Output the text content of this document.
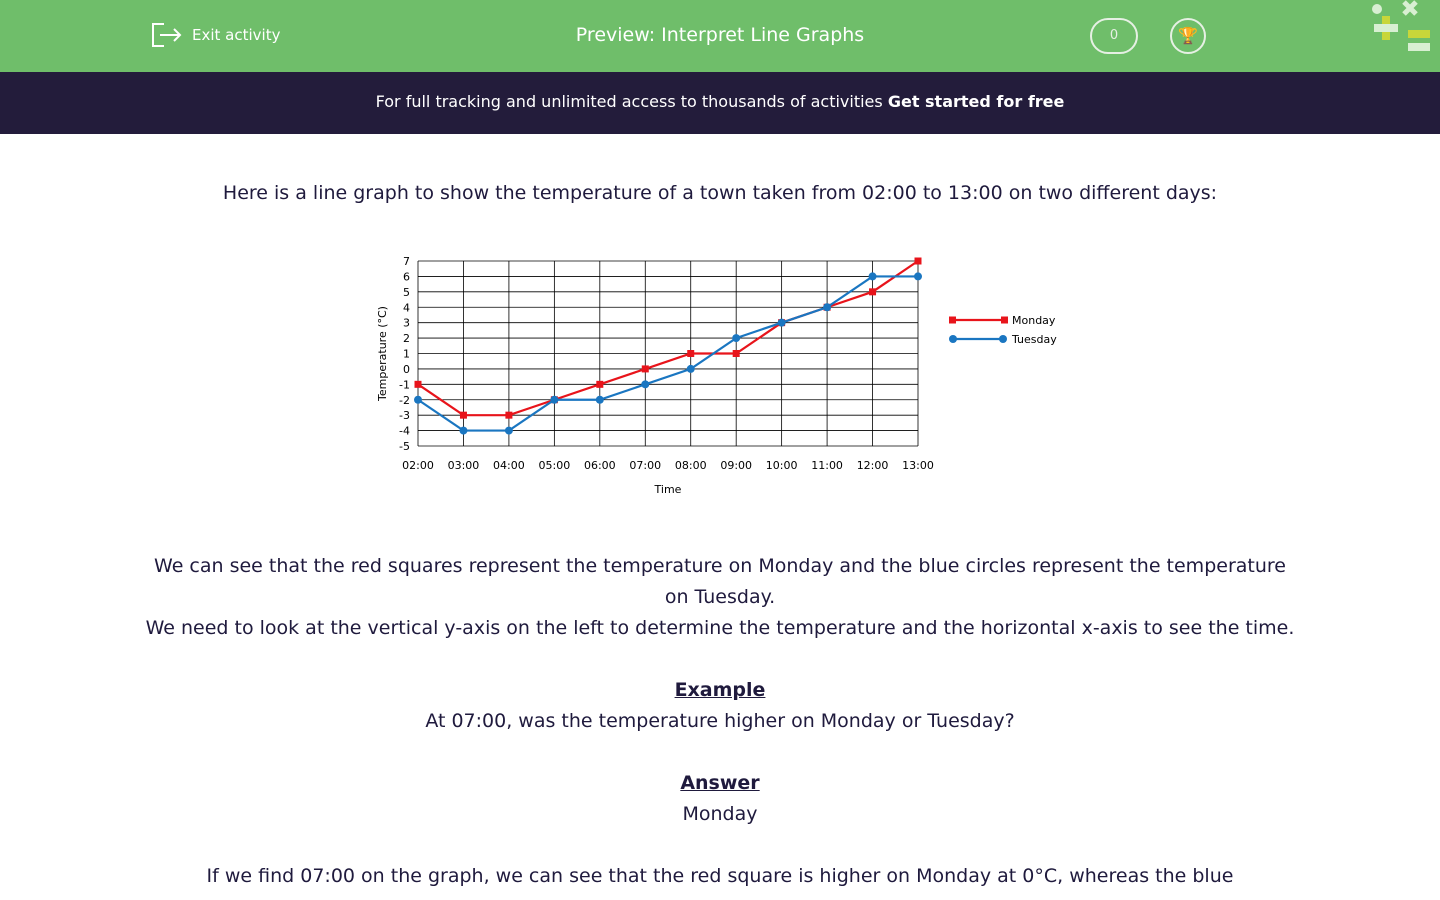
Exit activity	Preview: Interpret Line Graphs	0	🏆
For full tracking and unlimited access to thousands of activities Get started for free

Here is a line graph to show the temperature of a town taken from 02:00 to 13:00 on two different days:

-5
-4
-3
-2
-1
0
1
2
3
4
5
6
7
02:00 03:00 04:00 05:00 06:00 07:00 08:00 09:00 10:00 11:00 12:00 13:00
Time
Temperature (°C)	Monday
Tuesday

We can see that the red squares represent the temperature on Monday and the blue circles represent the temperature on Tuesday.

We need to look at the vertical y-axis on the left to determine the temperature and the horizontal x-axis to see the time.

Example

At 07:00, was the temperature higher on Monday or Tuesday?

Answer

Monday

If we find 07:00 on the graph, we can see that the red square is higher on Monday at 0°C, whereas the blue
